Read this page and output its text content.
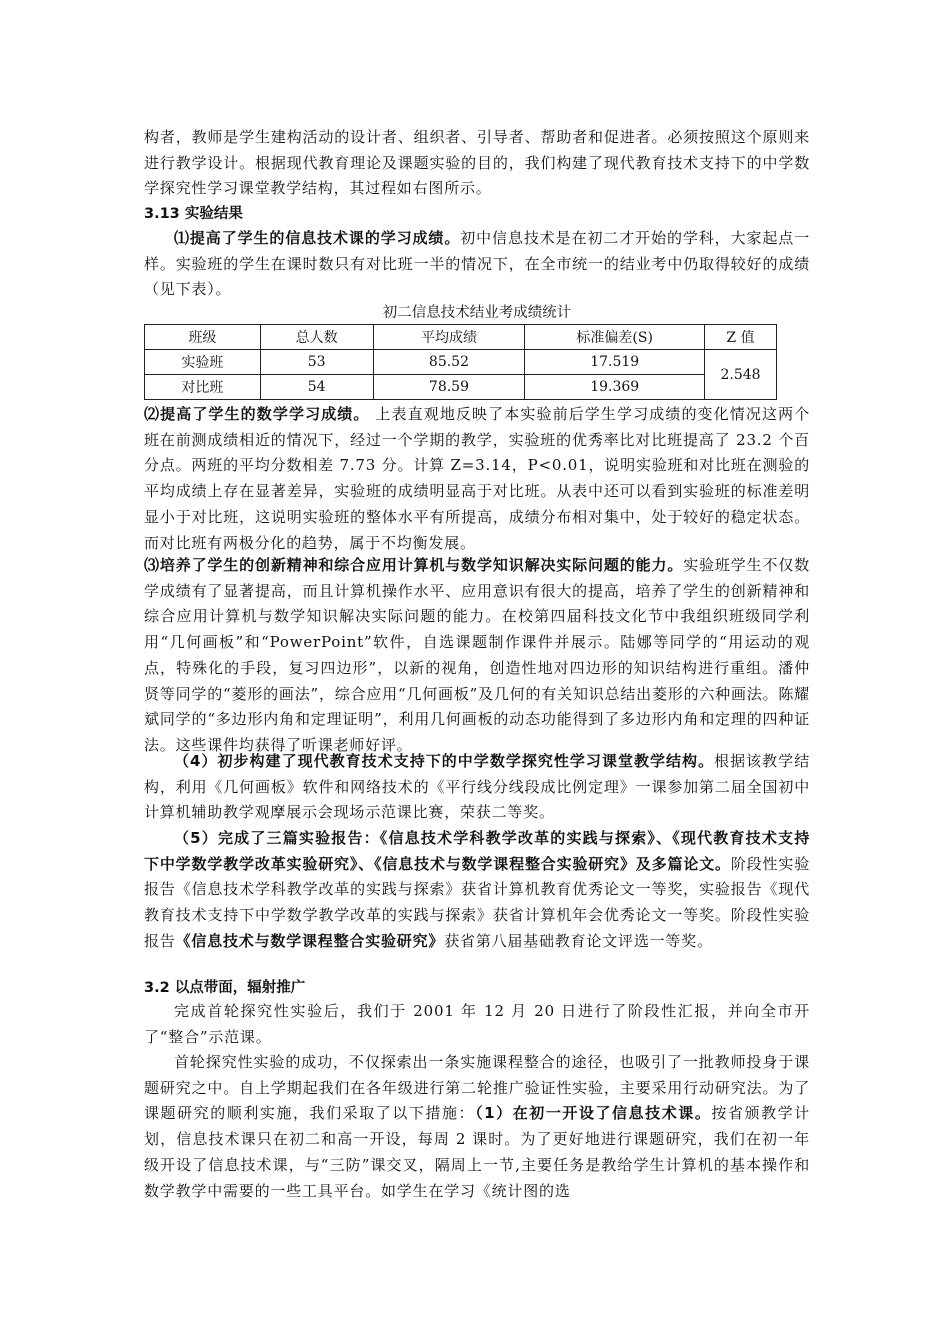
构者，教师是学生建构活动的设计者、组织者、引导者、帮助者和促进者。必须按照这个原则来进行教学设计。根据现代教育理论及课题实验的目的，我们构建了现代教育技术支持下的中学数学探究性学习课堂教学结构，其过程如右图所示。

3.13 实验结果

⑴提高了学生的信息技术课的学习成绩。初中信息技术是在初二才开始的学科，大家起点一样。实验班的学生在课时数只有对比班一半的情况下，在全市统一的结业考中仍取得较好的成绩（见下表）。

初二信息技术结业考成绩统计
班级	总人数	平均成绩	标准偏差(S)	Z 值
实验班	53	85.52	17.519	2.548
对比班	54	78.59	19.369	

⑵提高了学生的数学学习成绩。 上表直观地反映了本实验前后学生学习成绩的变化情况这两个班在前测成绩相近的情况下，经过一个学期的教学，实验班的优秀率比对比班提高了 23.2 个百分点。两班的平均分数相差 7.73 分。计算 Z=3.14，P<0.01，说明实验班和对比班在测验的平均成绩上存在显著差异，实验班的成绩明显高于对比班。从表中还可以看到实验班的标准差明显小于对比班，这说明实验班的整体水平有所提高，成绩分布相对集中，处于较好的稳定状态。而对比班有两极分化的趋势，属于不均衡发展。

⑶培养了学生的创新精神和综合应用计算机与数学知识解决实际问题的能力。实验班学生不仅数学成绩有了显著提高，而且计算机操作水平、应用意识有很大的提高，培养了学生的创新精神和综合应用计算机与数学知识解决实际问题的能力。在校第四届科技文化节中我组织班级同学利用“几何画板”和“PowerPoint”软件，自选课题制作课件并展示。陆娜等同学的“用运动的观点，特殊化的手段，复习四边形”，以新的视角，创造性地对四边形的知识结构进行重组。潘仲贤等同学的“菱形的画法”，综合应用“几何画板”及几何的有关知识总结出菱形的六种画法。陈耀斌同学的“多边形内角和定理证明”，利用几何画板的动态功能得到了多边形内角和定理的四种证法。这些课件均获得了听课老师好评。

（4）初步构建了现代教育技术支持下的中学数学探究性学习课堂教学结构。根据该教学结构，利用《几何画板》软件和网络技术的《平行线分线段成比例定理》一课参加第二届全国初中计算机辅助教学观摩展示会现场示范课比赛，荣获二等奖。

（5）完成了三篇实验报告：《信息技术学科教学改革的实践与探索》、《现代教育技术支持下中学数学教学改革实验研究》、《信息技术与数学课程整合实验研究》及多篇论文。阶段性实验报告《信息技术学科教学改革的实践与探索》获省计算机教育优秀论文一等奖，实验报告《现代教育技术支持下中学数学教学改革的实践与探索》获省计算机年会优秀论文一等奖。阶段性实验报告《信息技术与数学课程整合实验研究》获省第八届基础教育论文评选一等奖。

3.2 以点带面，辐射推广

完成首轮探究性实验后，我们于 2001 年 12 月 20 日进行了阶段性汇报，并向全市开了“整合”示范课。

首轮探究性实验的成功，不仅探索出一条实施课程整合的途径，也吸引了一批教师投身于课题研究之中。自上学期起我们在各年级进行第二轮推广验证性实验，主要采用行动研究法。为了课题研究的顺利实施，我们采取了以下措施：（1）在初一开设了信息技术课。按省颁教学计划，信息技术课只在初二和高一开设，每周 2 课时。为了更好地进行课题研究，我们在初一年级开设了信息技术课，与“三防”课交叉，隔周上一节,主要任务是教给学生计算机的基本操作和数学教学中需要的一些工具平台。如学生在学习《统计图的选
